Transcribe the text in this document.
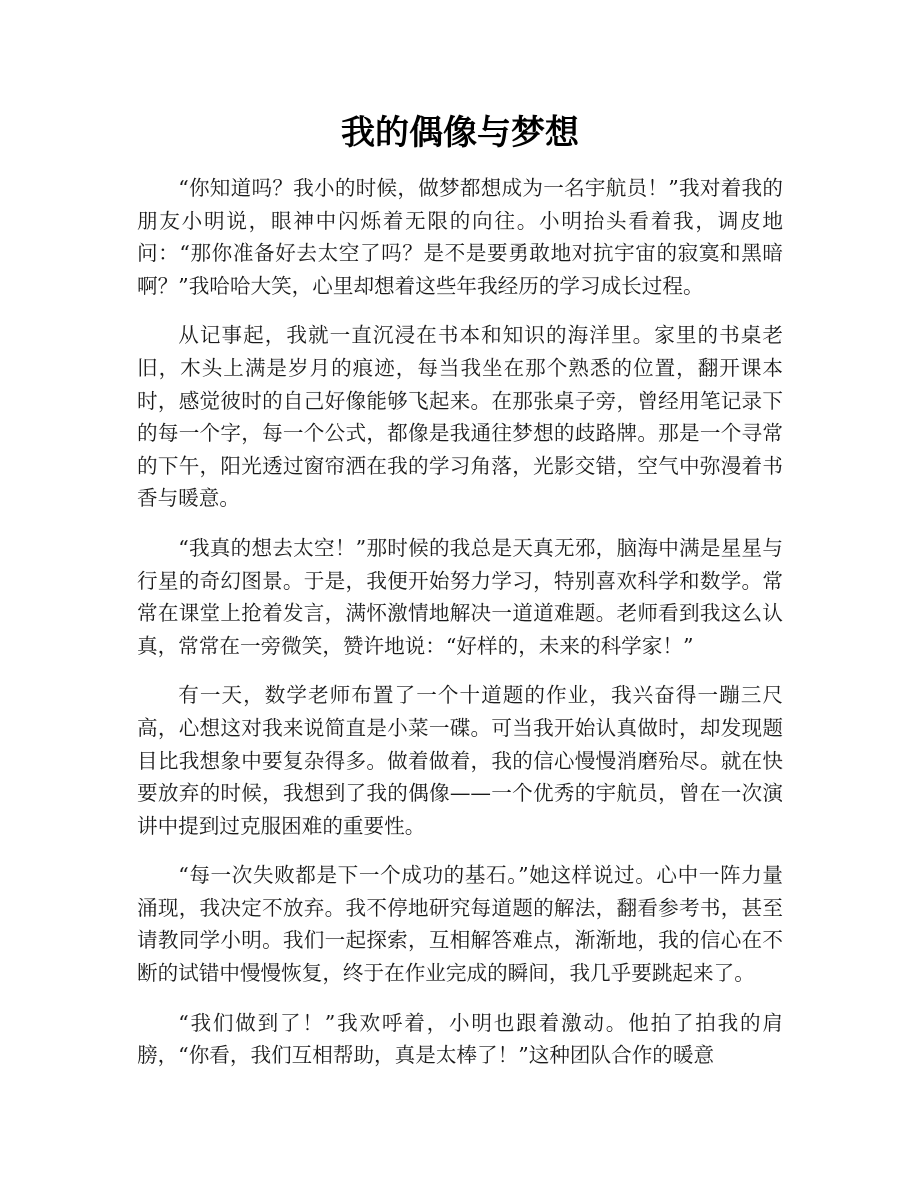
我的偶像与梦想

“你知道吗？我小的时候，做梦都想成为一名宇航员！”我对着我的朋友小明说，眼神中闪烁着无限的向往。小明抬头看着我，调皮地问：“那你准备好去太空了吗？是不是要勇敢地对抗宇宙的寂寞和黑暗啊？”我哈哈大笑，心里却想着这些年我经历的学习成长过程。

从记事起，我就一直沉浸在书本和知识的海洋里。家里的书桌老旧，木头上满是岁月的痕迹，每当我坐在那个熟悉的位置，翻开课本时，感觉彼时的自己好像能够飞起来。在那张桌子旁，曾经用笔记录下的每一个字，每一个公式，都像是我通往梦想的歧路牌。那是一个寻常的下午，阳光透过窗帘洒在我的学习角落，光影交错，空气中弥漫着书香与暖意。

“我真的想去太空！”那时候的我总是天真无邪，脑海中满是星星与行星的奇幻图景。于是，我便开始努力学习，特别喜欢科学和数学。常常在课堂上抢着发言，满怀激情地解决一道道难题。老师看到我这么认真，常常在一旁微笑，赞许地说：“好样的，未来的科学家！”

有一天，数学老师布置了一个十道题的作业，我兴奋得一蹦三尺高，心想这对我来说简直是小菜一碟。可当我开始认真做时，却发现题目比我想象中要复杂得多。做着做着，我的信心慢慢消磨殆尽。就在快要放弃的时候，我想到了我的偶像——一个优秀的宇航员，曾在一次演讲中提到过克服困难的重要性。

“每一次失败都是下一个成功的基石。”她这样说过。心中一阵力量涌现，我决定不放弃。我不停地研究每道题的解法，翻看参考书，甚至请教同学小明。我们一起探索，互相解答难点，渐渐地，我的信心在不断的试错中慢慢恢复，终于在作业完成的瞬间，我几乎要跳起来了。

“我们做到了！”我欢呼着，小明也跟着激动。他拍了拍我的肩膀，“你看，我们互相帮助，真是太棒了！”这种团队合作的暖意
